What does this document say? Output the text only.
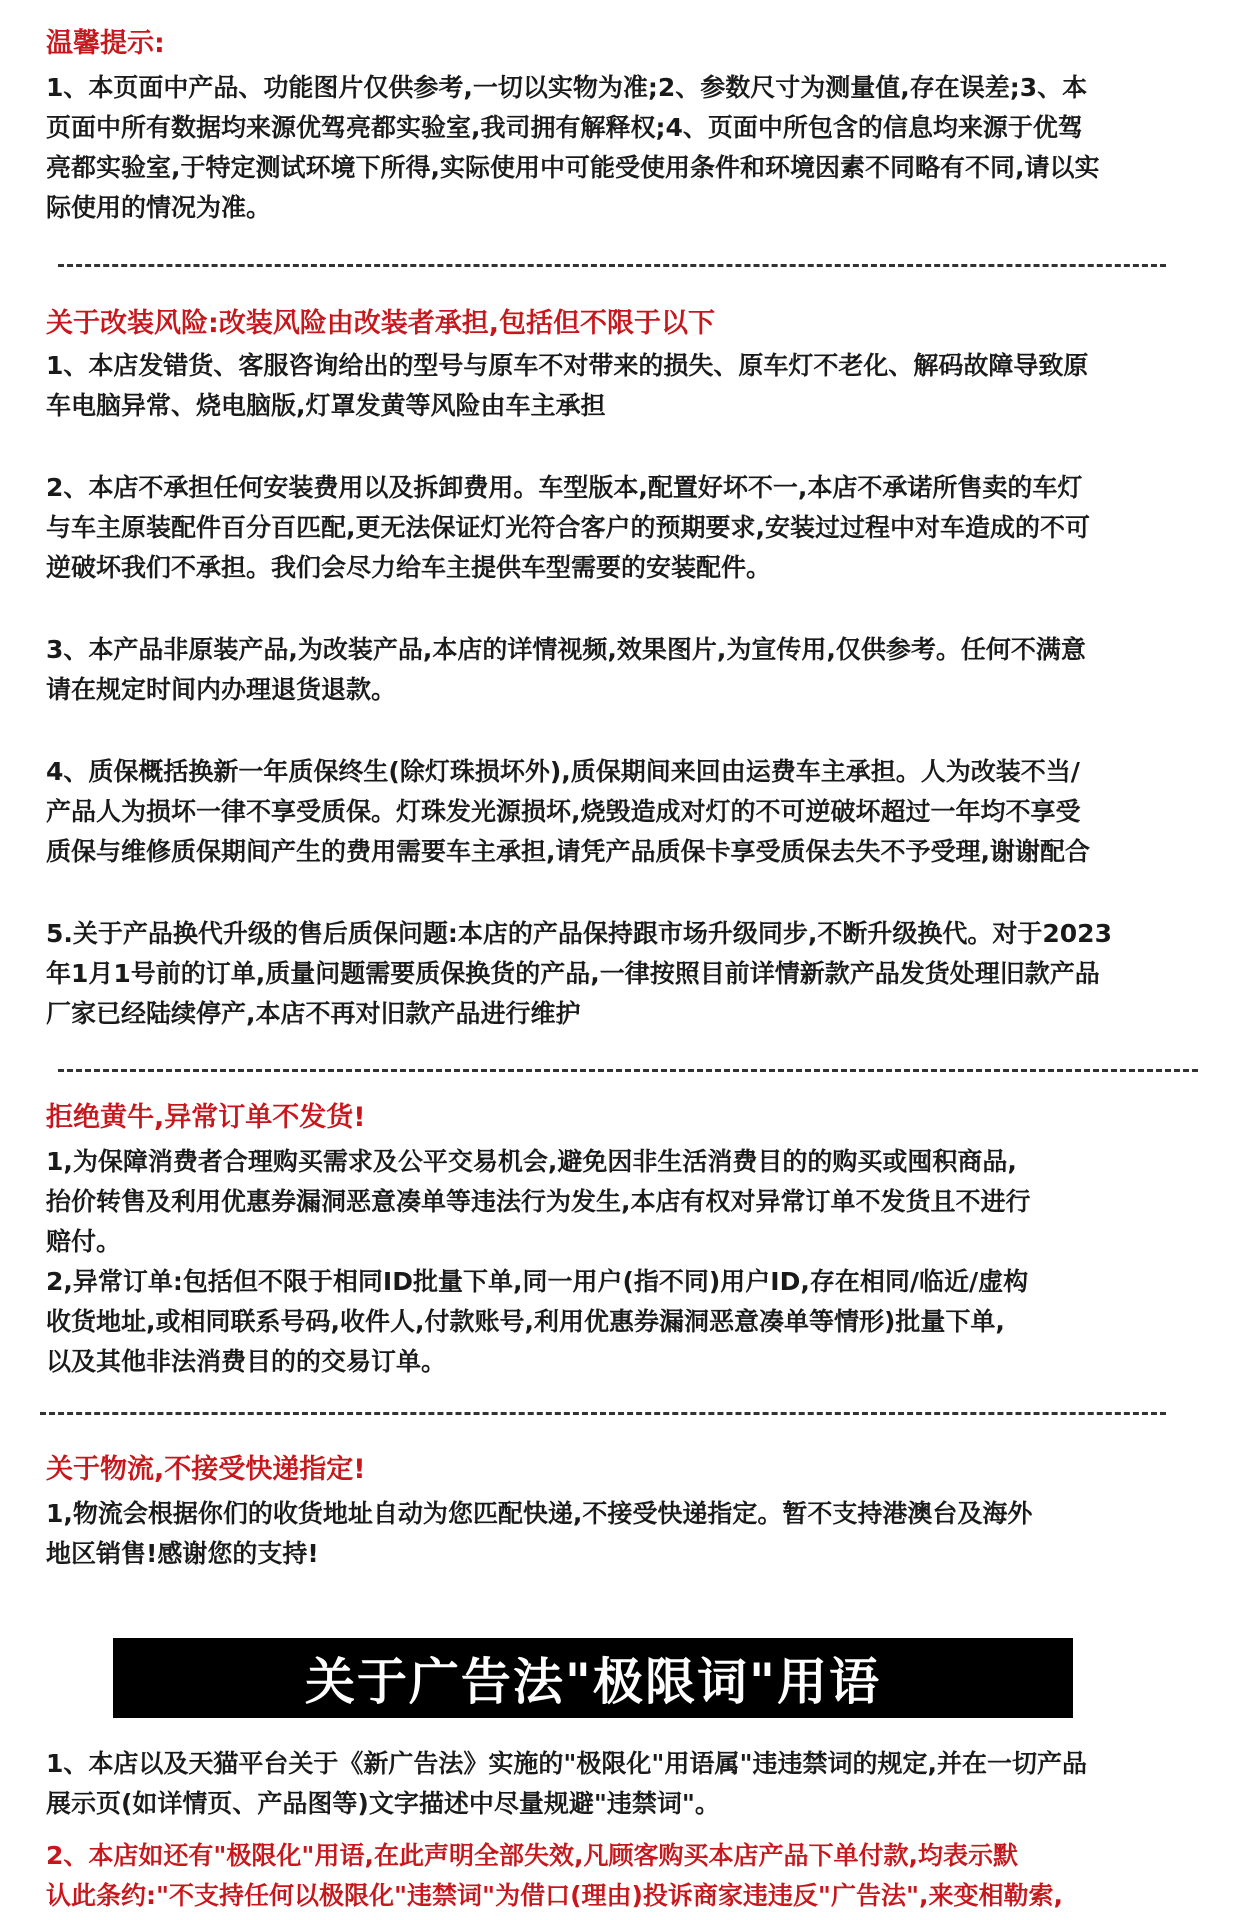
温馨提示:
1、本页面中产品、功能图片仅供参考,一切以实物为准;2、参数尺寸为测量值,存在误差;3、本
页面中所有数据均来源优驾亮都实验室,我司拥有解释权;4、页面中所包含的信息均来源于优驾
亮都实验室,于特定测试环境下所得,实际使用中可能受使用条件和环境因素不同略有不同,请以实
际使用的情况为准。
关于改装风险:改装风险由改装者承担,包括但不限于以下
1、本店发错货、客服咨询给出的型号与原车不对带来的损失、原车灯不老化、解码故障导致原
车电脑异常、烧电脑版,灯罩发黄等风险由车主承担
2、本店不承担任何安装费用以及拆卸费用。车型版本,配置好坏不一,本店不承诺所售卖的车灯
与车主原装配件百分百匹配,更无法保证灯光符合客户的预期要求,安装过过程中对车造成的不可
逆破坏我们不承担。我们会尽力给车主提供车型需要的安装配件。
3、本产品非原装产品,为改装产品,本店的详情视频,效果图片,为宣传用,仅供参考。任何不满意
请在规定时间内办理退货退款。
4、质保概括换新一年质保终生(除灯珠损坏外),质保期间来回由运费车主承担。人为改装不当/
产品人为损坏一律不享受质保。灯珠发光源损坏,烧毁造成对灯的不可逆破坏超过一年均不享受
质保与维修质保期间产生的费用需要车主承担,请凭产品质保卡享受质保去失不予受理,谢谢配合
5.关于产品换代升级的售后质保问题:本店的产品保持跟市场升级同步,不断升级换代。对于2023
年1月1号前的订单,质量问题需要质保换货的产品,一律按照目前详情新款产品发货处理旧款产品
厂家已经陆续停产,本店不再对旧款产品进行维护
拒绝黄牛,异常订单不发货!
1,为保障消费者合理购买需求及公平交易机会,避免因非生活消费目的的购买或囤积商品,
抬价转售及利用优惠券漏洞恶意凑单等违法行为发生,本店有权对异常订单不发货且不进行
赔付。
2,异常订单:包括但不限于相同ID批量下单,同一用户(指不同)用户ID,存在相同/临近/虚构
收货地址,或相同联系号码,收件人,付款账号,利用优惠券漏洞恶意凑单等情形)批量下单,
以及其他非法消费目的的交易订单。
关于物流,不接受快递指定!
1,物流会根据你们的收货地址自动为您匹配快递,不接受快递指定。暂不支持港澳台及海外
地区销售!感谢您的支持!
关于广告法"极限词"用语
1、本店以及天猫平台关于《新广告法》实施的"极限化"用语属"违违禁词的规定,并在一切产品
展示页(如详情页、产品图等)文字描述中尽量规避"违禁词"。
2、本店如还有"极限化"用语,在此声明全部失效,凡顾客购买本店产品下单付款,均表示默
认此条约:"不支持任何以极限化"违禁词"为借口(理由)投诉商家违违反"广告法",来变相勒索,
